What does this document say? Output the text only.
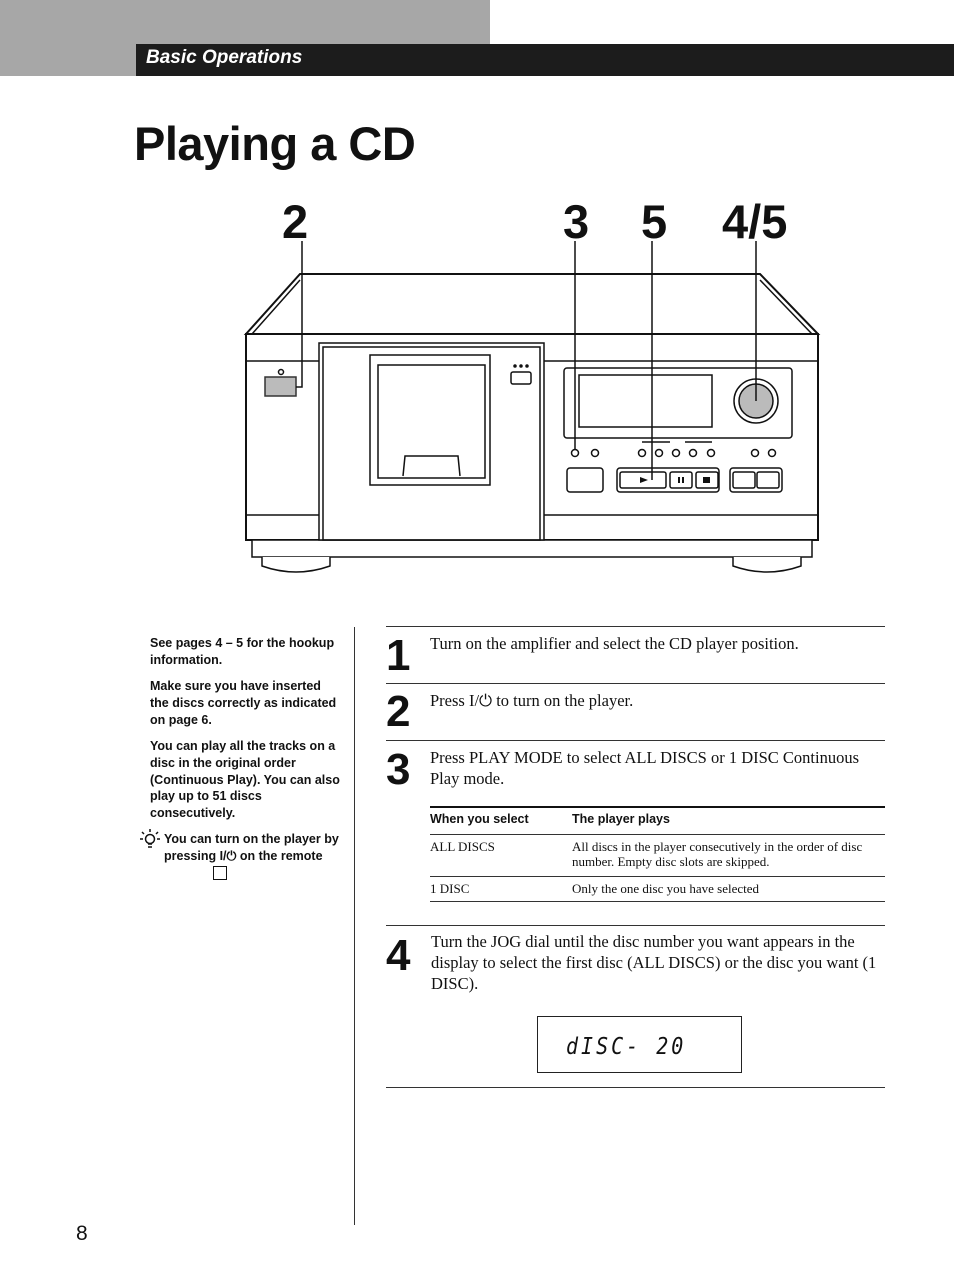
Basic Operations
Playing a CD
2	3 5 4/5
See pages 4 – 5 for the hookup information.
Make sure you have inserted the discs correctly as indicated on page 6.
You can play all the tracks on a disc in the original order (Continuous Play). You can also play up to 51 discs consecutively.
You can turn on the player by pressing I/⏻ on the remote
1 Turn on the amplifier and select the CD player position.
2 Press I/⏻ to turn on the player.
3 Press PLAY MODE to select ALL DISCS or 1 DISC Continuous Play mode.
When you select	The player plays
ALL DISCS	All discs in the player consecutively in the order of disc number. Empty disc slots are skipped.
1 DISC	Only the one disc you have selected
4 Turn the JOG dial until the disc number you want appears in the display to select the first disc (ALL DISCS) or the disc you want (1 DISC).
dISC- 20
8
